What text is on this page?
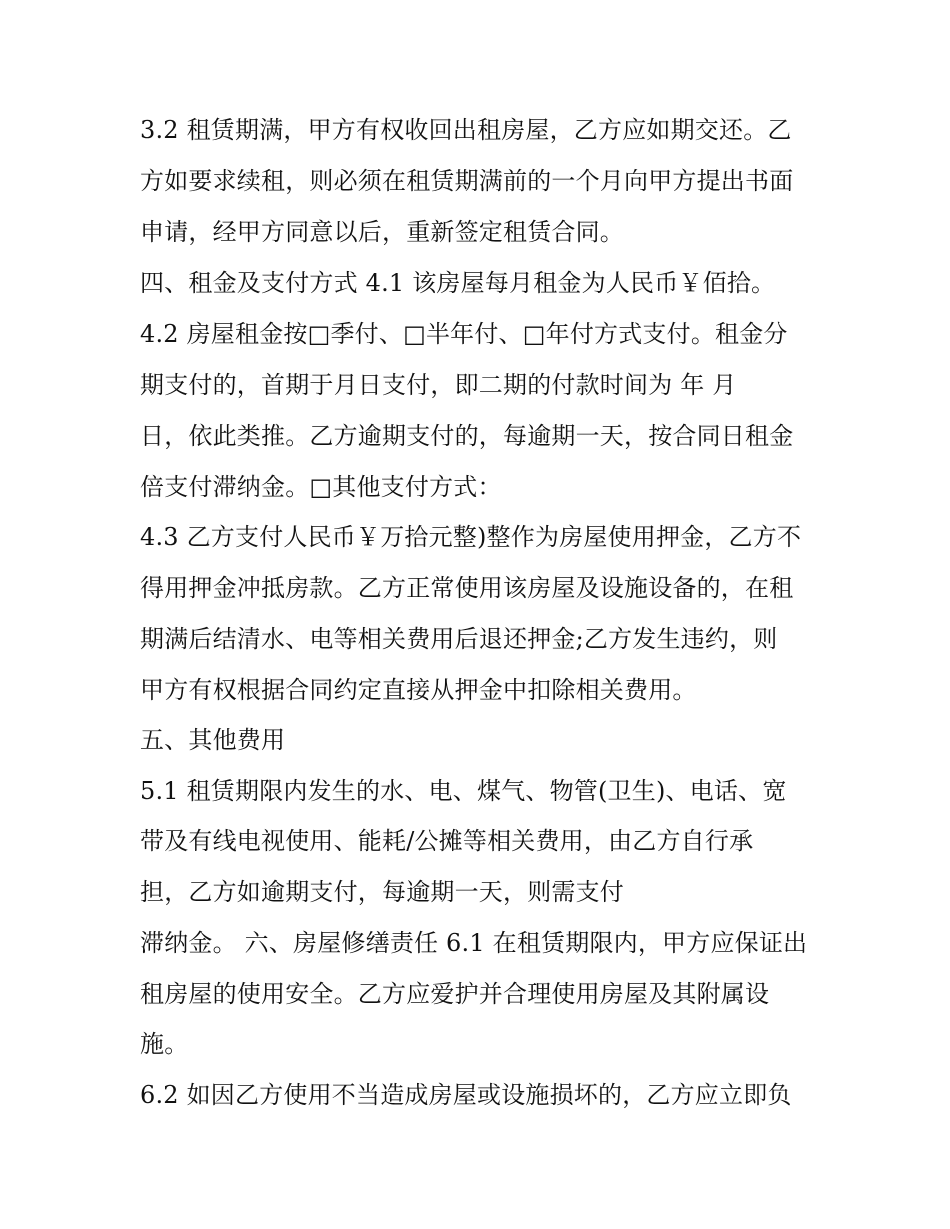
3.2 租赁期满，甲方有权收回出租房屋，乙方应如期交还。乙
方如要求续租，则必须在租赁期满前的一个月向甲方提出书面
申请，经甲方同意以后，重新签定租赁合同。
四、租金及支付方式 4.1 该房屋每月租金为人民币￥佰拾。
4.2 房屋租金按□季付、□半年付、□年付方式支付。租金分
期支付的，首期于月日支付，即二期的付款时间为 年 月
日，依此类推。乙方逾期支付的，每逾期一天，按合同日租金
倍支付滞纳金。□其他支付方式：
4.3 乙方支付人民币￥万拾元整)整作为房屋使用押金，乙方不
得用押金冲抵房款。乙方正常使用该房屋及设施设备的，在租
期满后结清水、电等相关费用后退还押金;乙方发生违约，则
甲方有权根据合同约定直接从押金中扣除相关费用。
五、其他费用
5.1 租赁期限内发生的水、电、煤气、物管(卫生)、电话、宽
带及有线电视使用、能耗/公摊等相关费用，由乙方自行承
担，乙方如逾期支付，每逾期一天，则需支付
滞纳金。 六、房屋修缮责任 6.1 在租赁期限内，甲方应保证出
租房屋的使用安全。乙方应爱护并合理使用房屋及其附属设
施。
6.2 如因乙方使用不当造成房屋或设施损坏的，乙方应立即负
